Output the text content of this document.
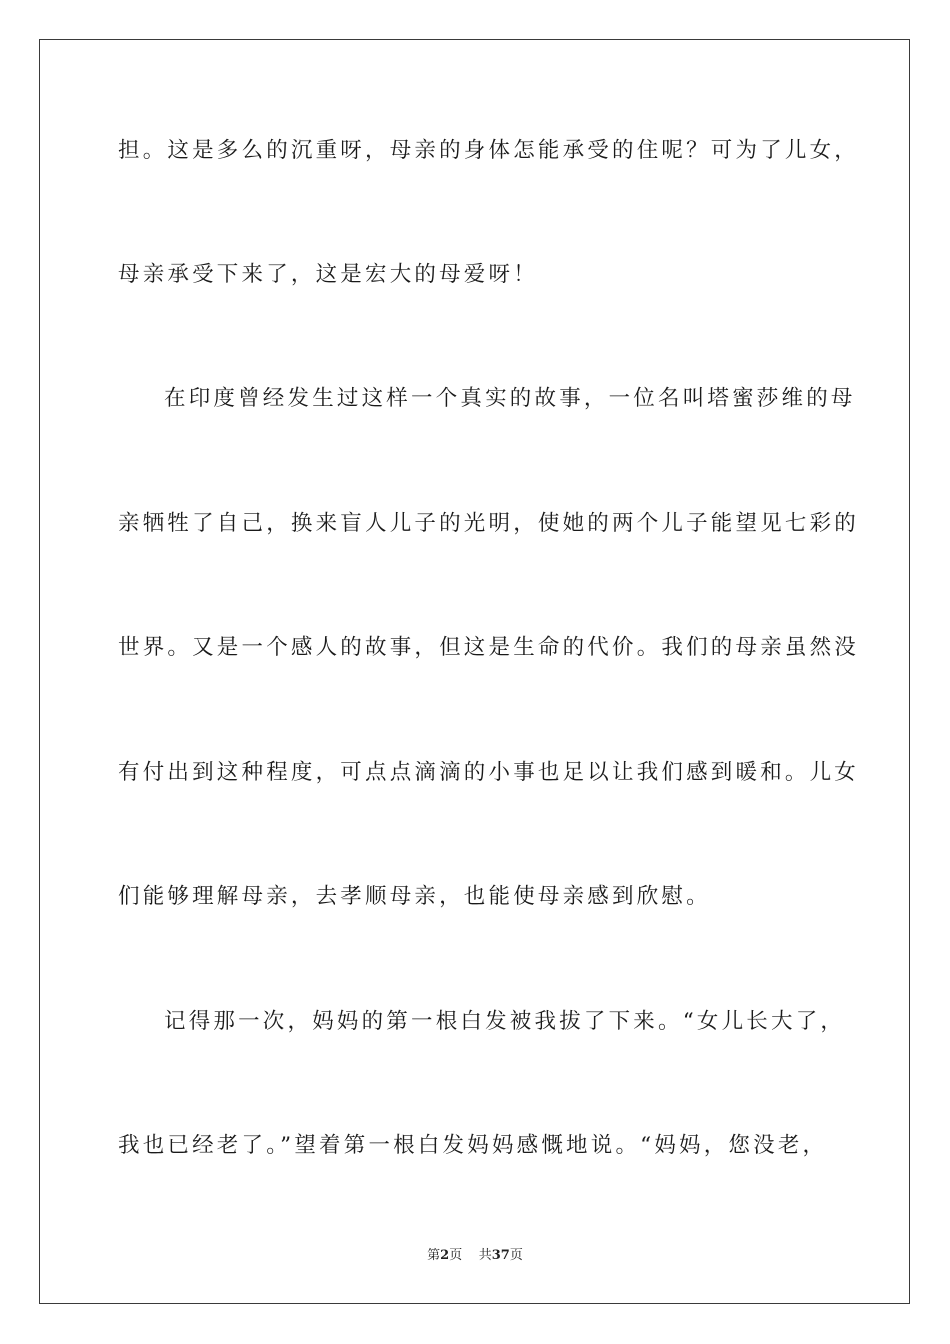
担。这是多么的沉重呀，母亲的身体怎能承受的住呢？可为了儿女，
母亲承受下来了，这是宏大的母爱呀！
在印度曾经发生过这样一个真实的故事，一位名叫塔蜜莎维的母
亲牺牲了自己，换来盲人儿子的光明，使她的两个儿子能望见七彩的
世界。又是一个感人的故事，但这是生命的代价。我们的母亲虽然没
有付出到这种程度，可点点滴滴的小事也足以让我们感到暖和。儿女
们能够理解母亲，去孝顺母亲，也能使母亲感到欣慰。
记得那一次，妈妈的第一根白发被我拔了下来。“女儿长大了，
我也已经老了。”望着第一根白发妈妈感慨地说。“妈妈，您没老，
第2页 共37页
